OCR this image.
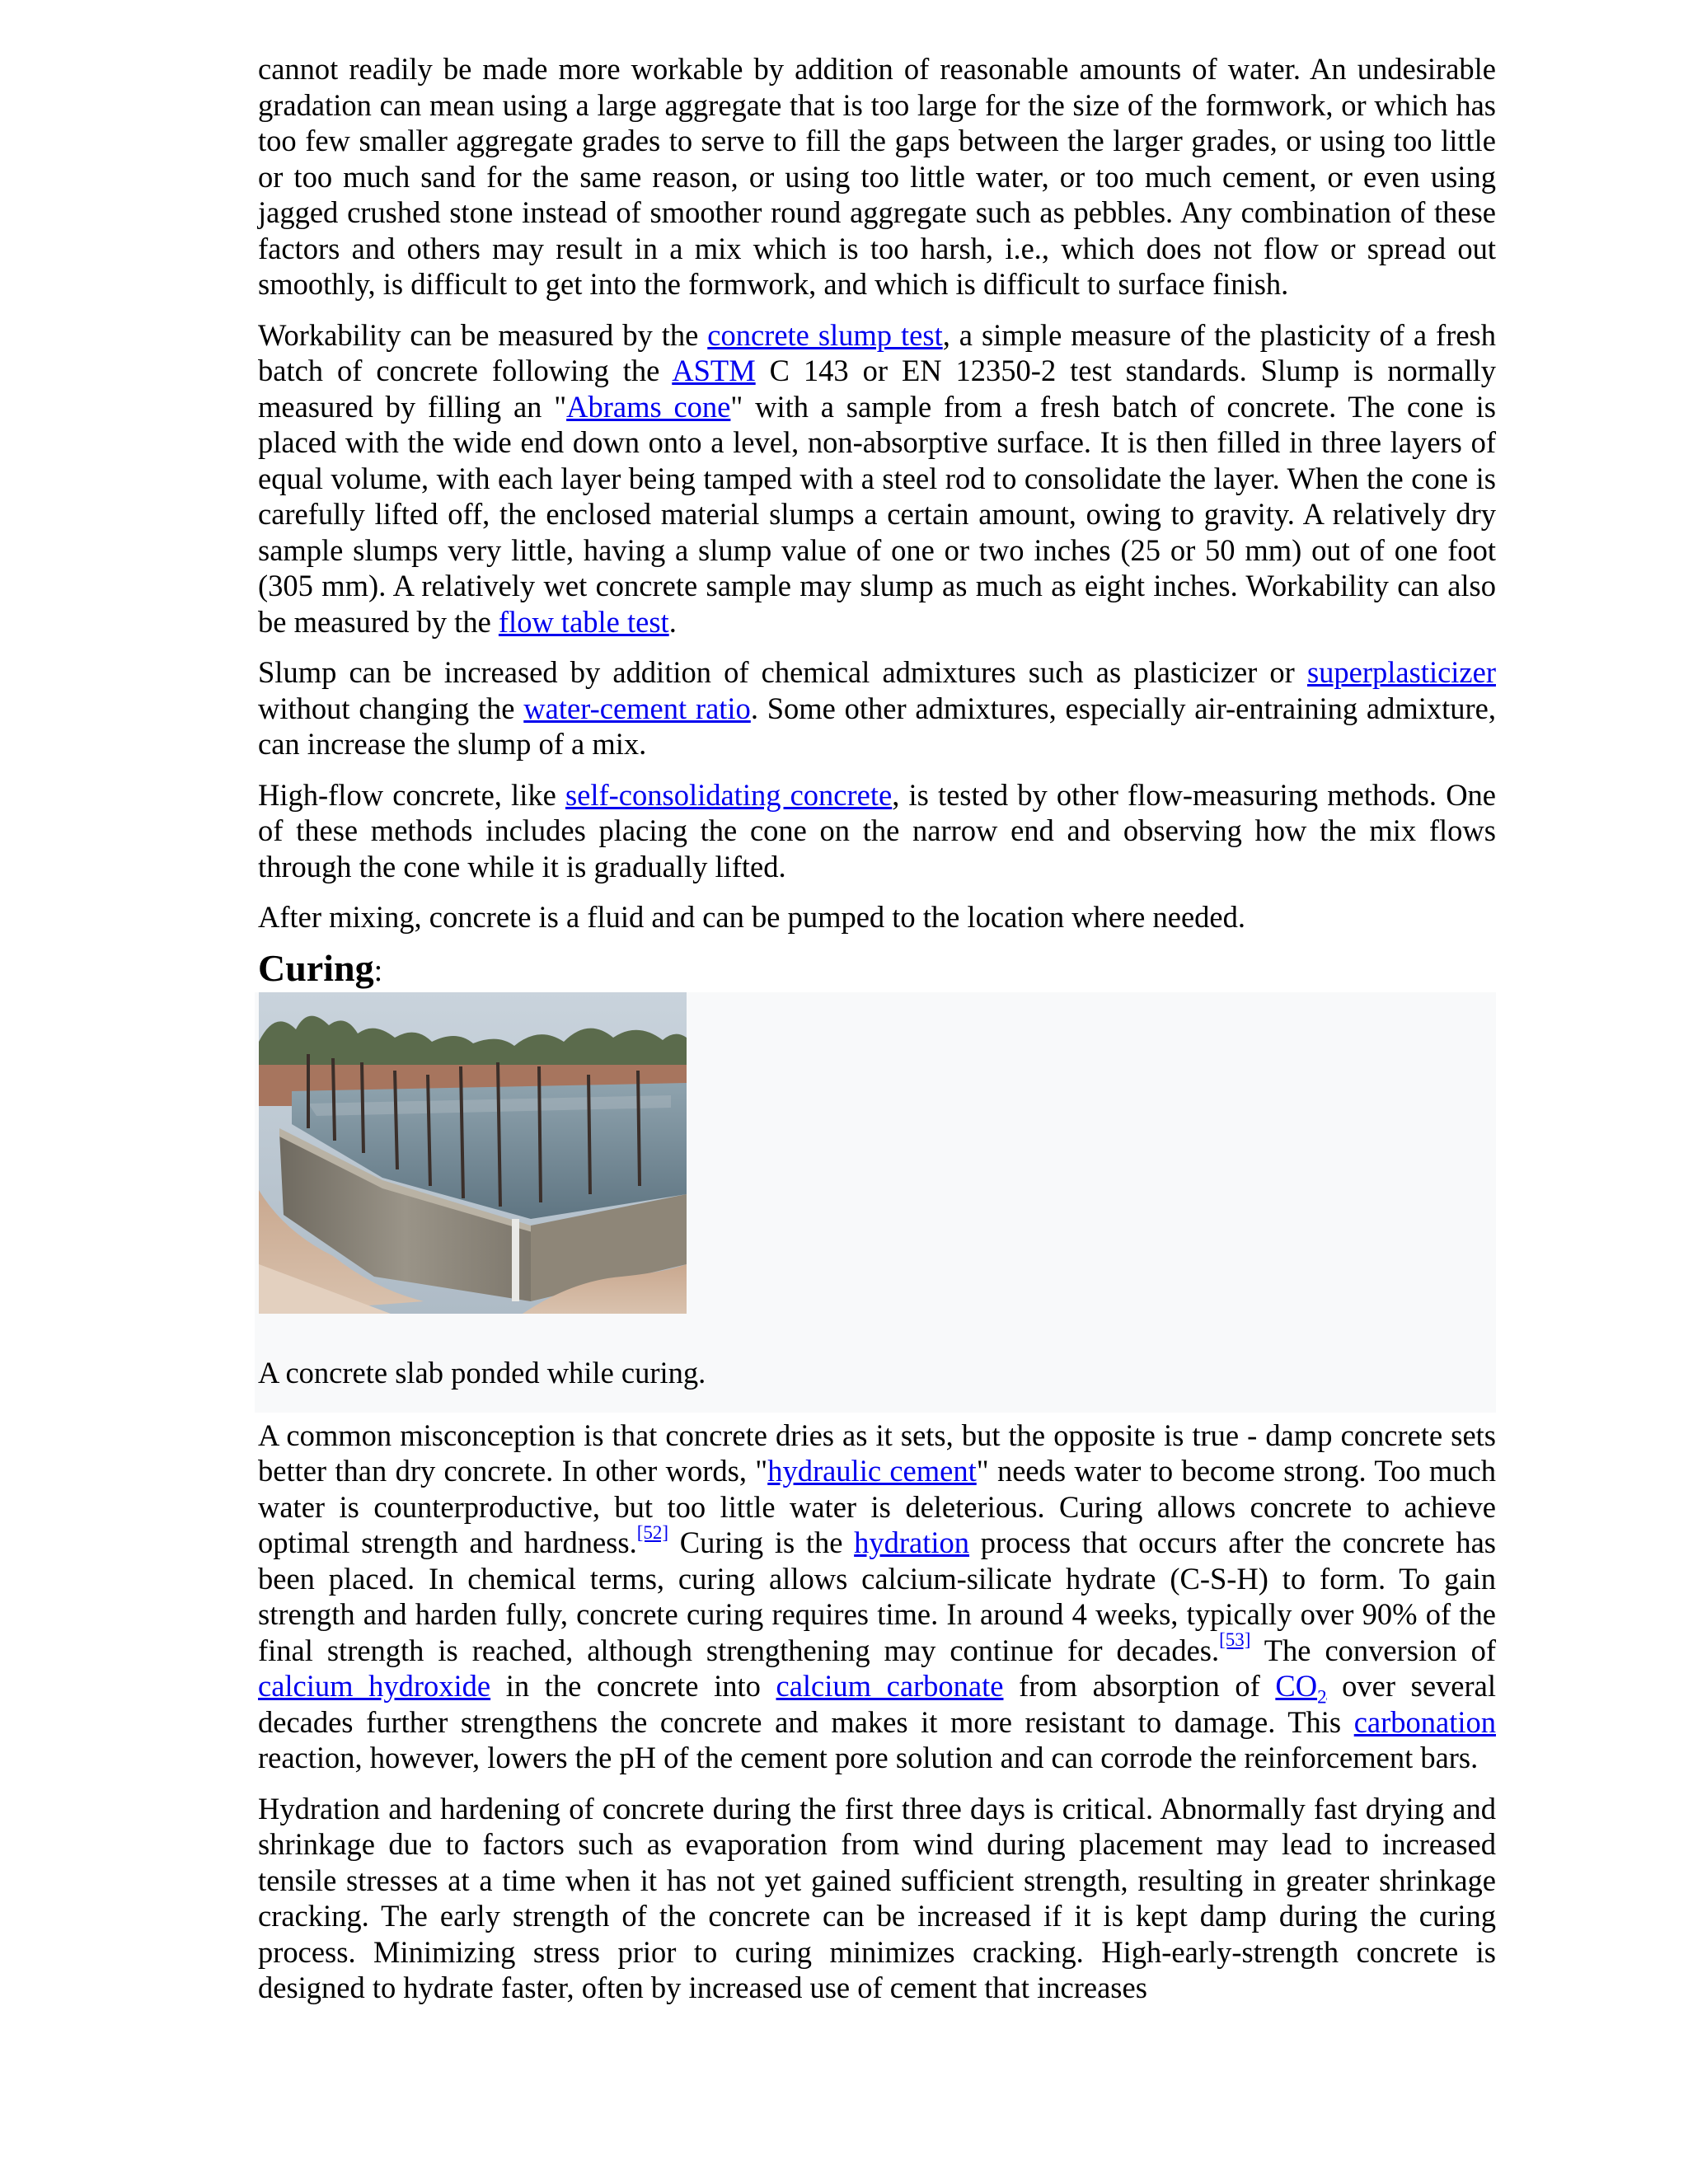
cannot readily be made more workable by addition of reasonable amounts of water. An undesirable gradation can mean using a large aggregate that is too large for the size of the formwork, or which has too few smaller aggregate grades to serve to fill the gaps between the larger grades, or using too little or too much sand for the same reason, or using too little water, or too much cement, or even using jagged crushed stone instead of smoother round aggregate such as pebbles. Any combination of these factors and others may result in a mix which is too harsh, i.e., which does not flow or spread out smoothly, is difficult to get into the formwork, and which is difficult to surface finish.

Workability can be measured by the concrete slump test, a simple measure of the plasticity of a fresh batch of concrete following the ASTM C 143 or EN 12350-2 test standards. Slump is normally measured by filling an "Abrams cone" with a sample from a fresh batch of concrete. The cone is placed with the wide end down onto a level, non-absorptive surface. It is then filled in three layers of equal volume, with each layer being tamped with a steel rod to consolidate the layer. When the cone is carefully lifted off, the enclosed material slumps a certain amount, owing to gravity. A relatively dry sample slumps very little, having a slump value of one or two inches (25 or 50 mm) out of one foot (305 mm). A relatively wet concrete sample may slump as much as eight inches. Workability can also be measured by the flow table test.

Slump can be increased by addition of chemical admixtures such as plasticizer or superplasticizer without changing the water-cement ratio. Some other admixtures, especially air-entraining admixture, can increase the slump of a mix.

High-flow concrete, like self-consolidating concrete, is tested by other flow-measuring methods. One of these methods includes placing the cone on the narrow end and observing how the mix flows through the cone while it is gradually lifted.

After mixing, concrete is a fluid and can be pumped to the location where needed.

Curing:
A concrete slab ponded while curing.

A common misconception is that concrete dries as it sets, but the opposite is true - damp concrete sets better than dry concrete. In other words, "hydraulic cement" needs water to become strong. Too much water is counterproductive, but too little water is deleterious. Curing allows concrete to achieve optimal strength and hardness.[52] Curing is the hydration process that occurs after the concrete has been placed. In chemical terms, curing allows calcium-silicate hydrate (C-S-H) to form. To gain strength and harden fully, concrete curing requires time. In around 4 weeks, typically over 90% of the final strength is reached, although strengthening may continue for decades.[53] The conversion of calcium hydroxide in the concrete into calcium carbonate from absorption of $CO_2$ over several decades further strengthens the concrete and makes it more resistant to damage. This carbonation reaction, however, lowers the pH of the cement pore solution and can corrode the reinforcement bars.

Hydration and hardening of concrete during the first three days is critical. Abnormally fast drying and shrinkage due to factors such as evaporation from wind during placement may lead to increased tensile stresses at a time when it has not yet gained sufficient strength, resulting in greater shrinkage cracking. The early strength of the concrete can be increased if it is kept damp during the curing process. Minimizing stress prior to curing minimizes cracking. High-early-strength concrete is designed to hydrate faster, often by increased use of cement that increases
